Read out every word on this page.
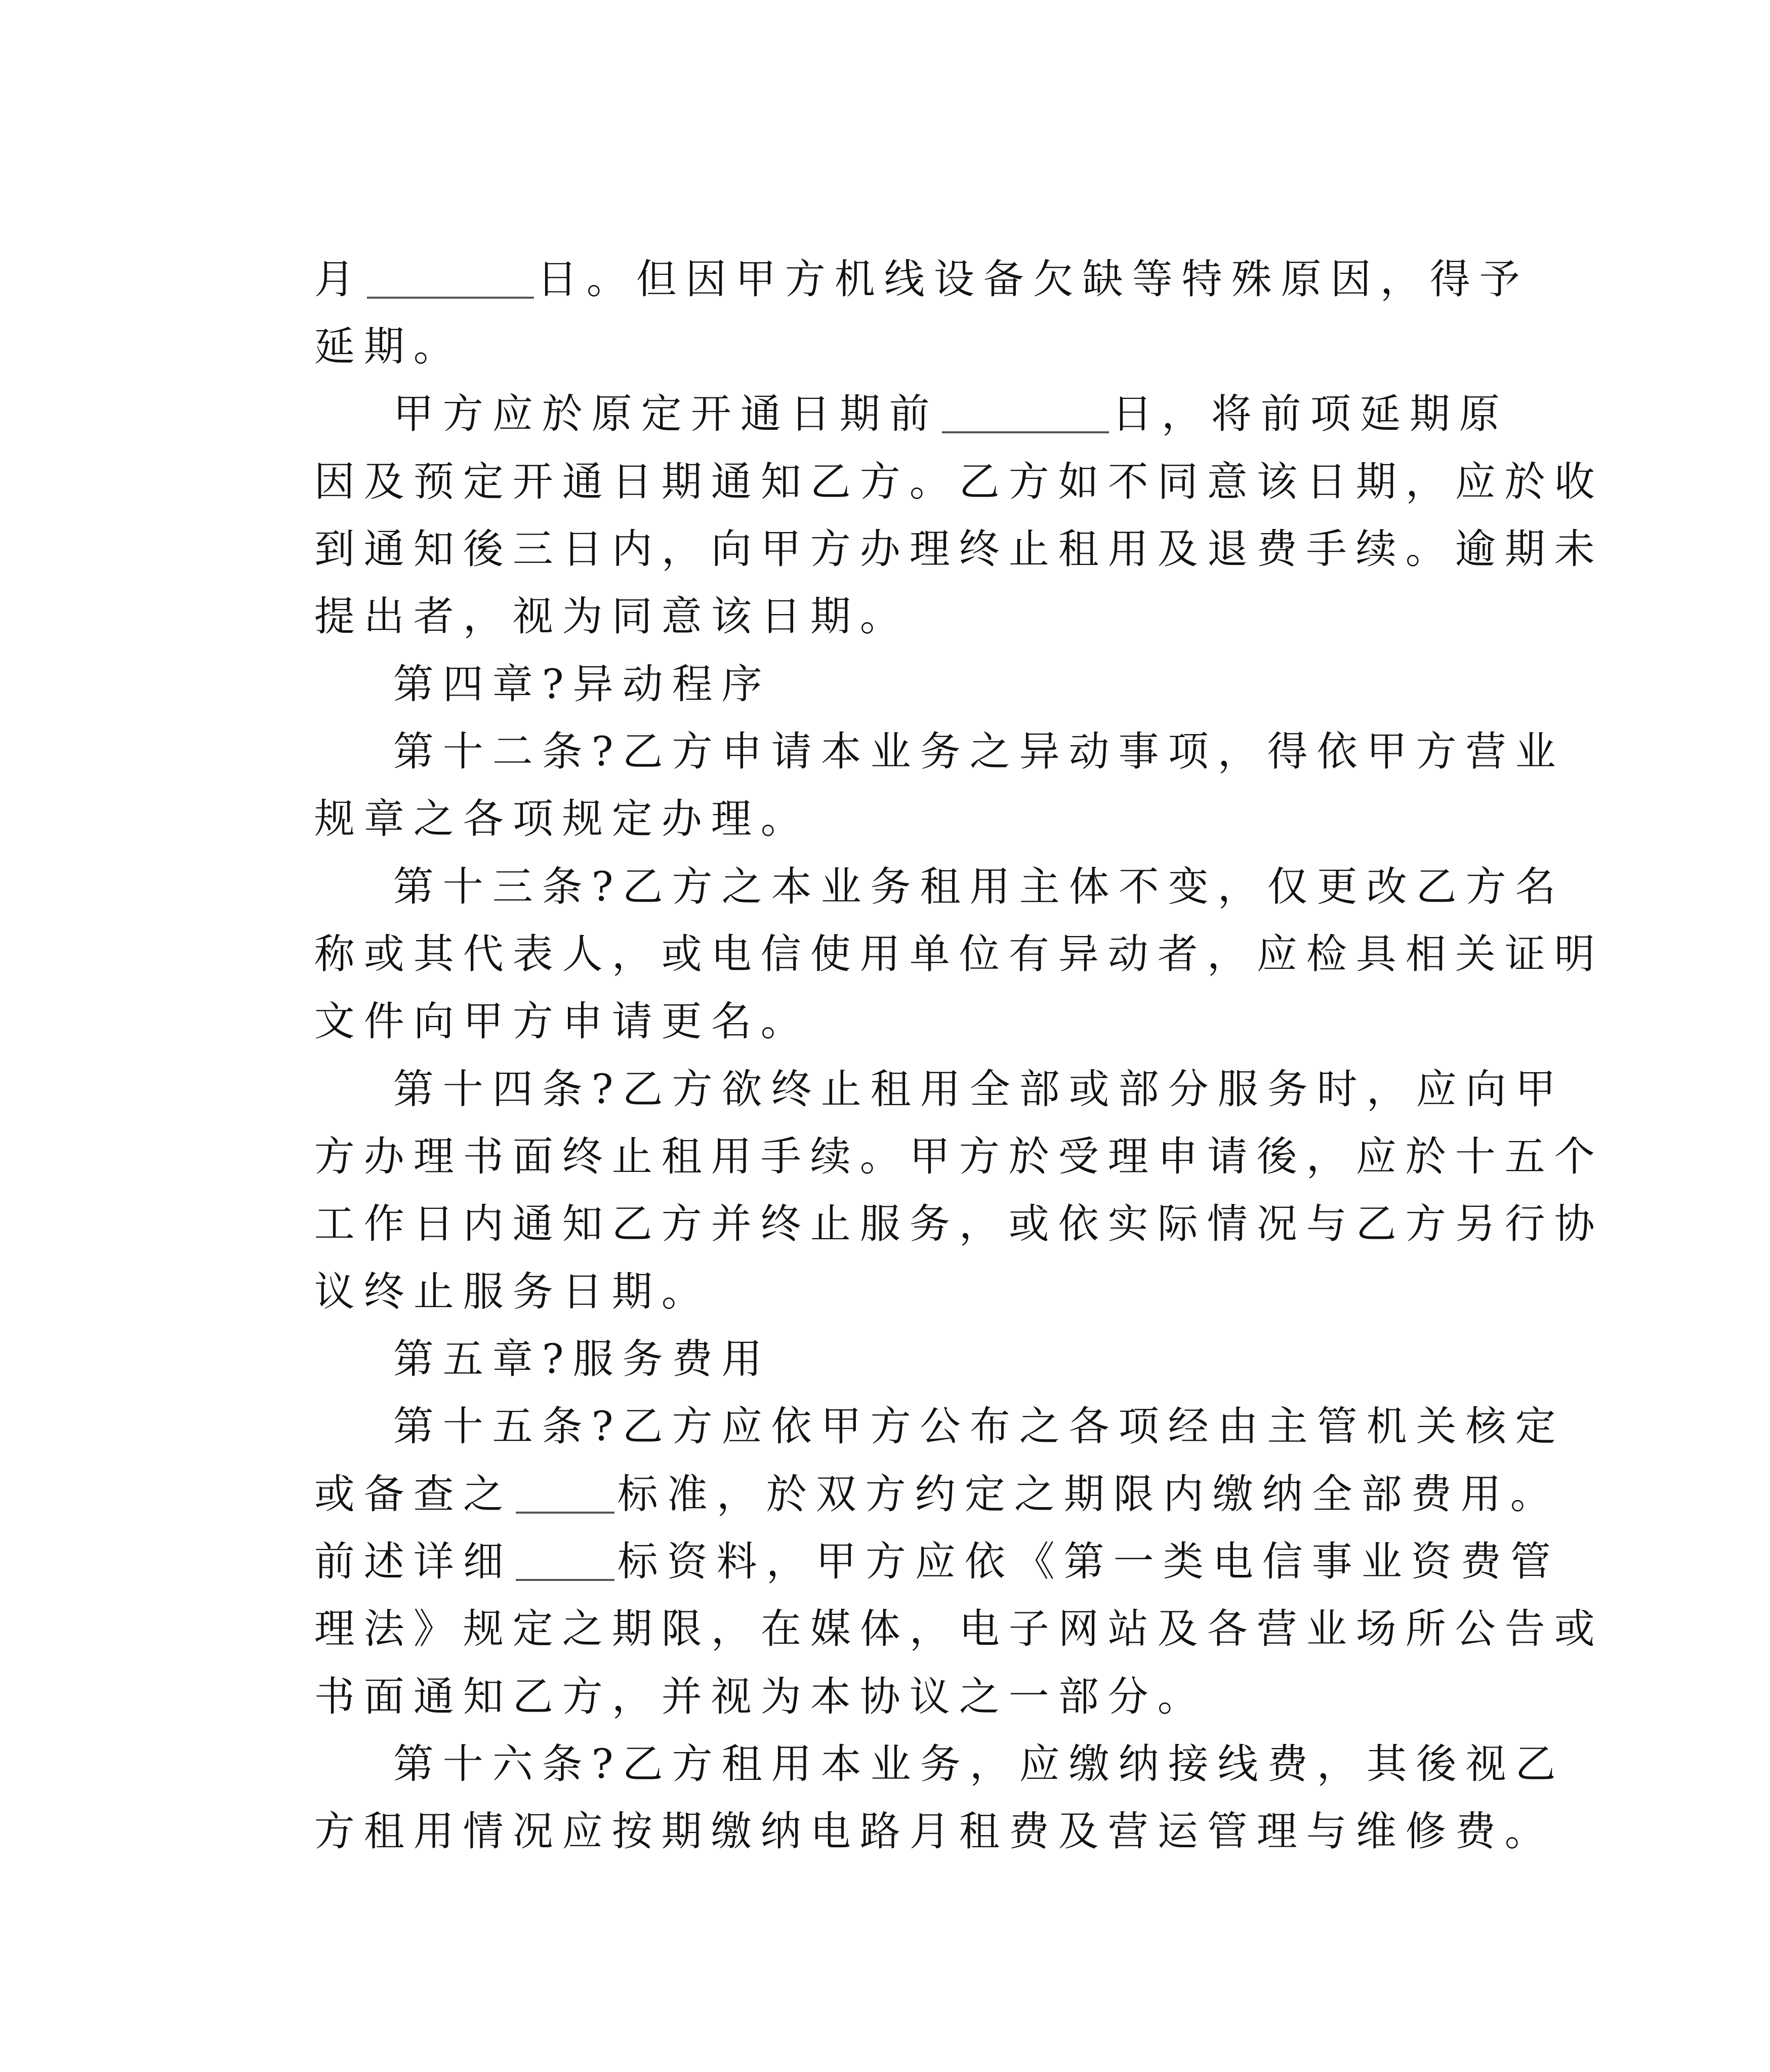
月	日。但因甲方机线设备欠缺等特殊原因，得予

延期。

甲方应於原定开通日期前	日，将前项延期原

因及预定开通日期通知乙方。乙方如不同意该日期，应於收

到通知後三日内，向甲方办理终止租用及退费手续。逾期未

提出者，视为同意该日期。

第四章?异动程序

第十二条?乙方申请本业务之异动事项，得依甲方营业

规章之各项规定办理。

第十三条?乙方之本业务租用主体不变，仅更改乙方名

称或其代表人，或电信使用单位有异动者，应检具相关证明

文件向甲方申请更名。

第十四条?乙方欲终止租用全部或部分服务时，应向甲

方办理书面终止租用手续。甲方於受理申请後，应於十五个

工作日内通知乙方并终止服务，或依实际情况与乙方另行协

议终止服务日期。

第五章?服务费用

第十五条?乙方应依甲方公布之各项经由主管机关核定

或备查之	标准，於双方约定之期限内缴纳全部费用。

前述详细	标资料，甲方应依《第一类电信事业资费管

理法》规定之期限，在媒体，电子网站及各营业场所公告或

书面通知乙方，并视为本协议之一部分。

第十六条?乙方租用本业务，应缴纳接线费，其後视乙

方租用情况应按期缴纳电路月租费及营运管理与维修费。
